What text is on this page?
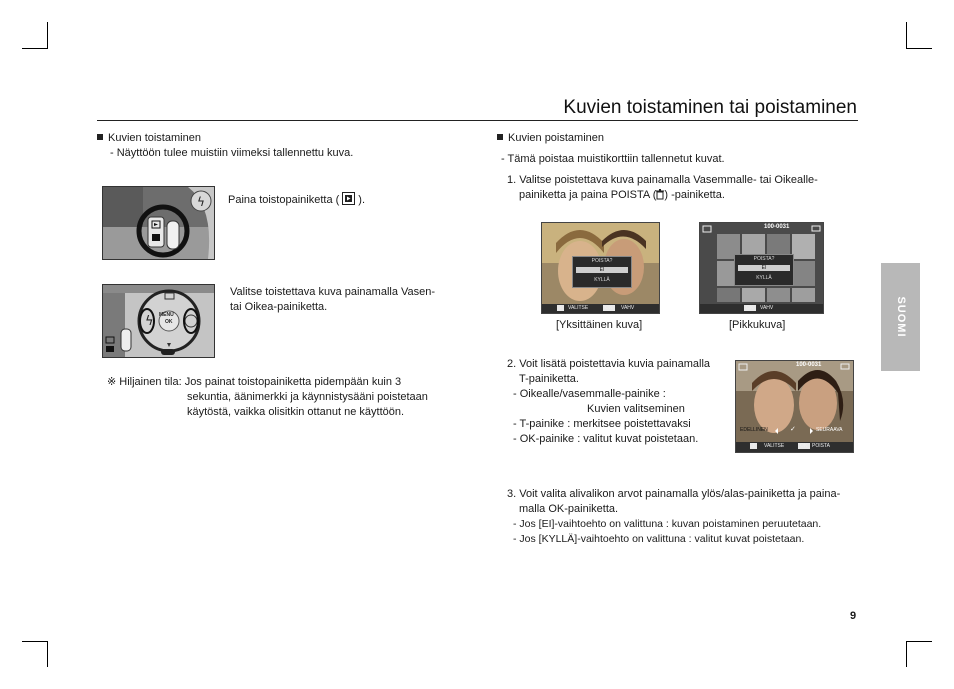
Kuvien toistaminen tai poistaminen
SUOMI
Kuvien toistaminen
- Näyttöön tulee muistiin viimeksi tallennettu kuva.
ϟ Paina toistopainiketta ( ).
ϟ MENU
OK
Valitse toistettava kuva painamalla Vasen-
tai Oikea-painiketta.
※ Hiljainen tila: Jos painat toistopainiketta pidempään kuin 3
sekuntia, äänimerkki ja käynnistysääni poistetaan
käytöstä, vaikka olisitkin ottanut ne käyttöön.
Kuvien poistaminen
- Tämä poistaa muistikorttiin tallennetut kuvat.
1. Valitse poistettava kuva painamalla Vasemmalle- tai Oikealle-
painiketta ja paina POISTA ( ) -painiketta.
POISTA?
EI
KYLLÄ
T	VALITSE	OK	VAHV
100-0031
POISTA?
EI
KYLLÄ
OK	VAHV
[Yksittäinen kuva]	[Pikkukuva]
2. Voit lisätä poistettavia kuvia painamalla
T-painiketta.
- Oikealle/vasemmalle-painike :
Kuvien valitseminen
- T-painike : merkitsee poistettavaksi
- OK-painike : valitut kuvat poistetaan.
100-0031
EDELLINEN	✓	SEURAAVA
T	VALITSE	OK POISTA
3. Voit valita alivalikon arvot painamalla ylös/alas-painiketta ja paina-
malla OK-painiketta.
- Jos [EI]-vaihtoehto on valittuna : kuvan poistaminen peruutetaan.
- Jos [KYLLÄ]-vaihtoehto on valittuna : valitut kuvat poistetaan.
9
